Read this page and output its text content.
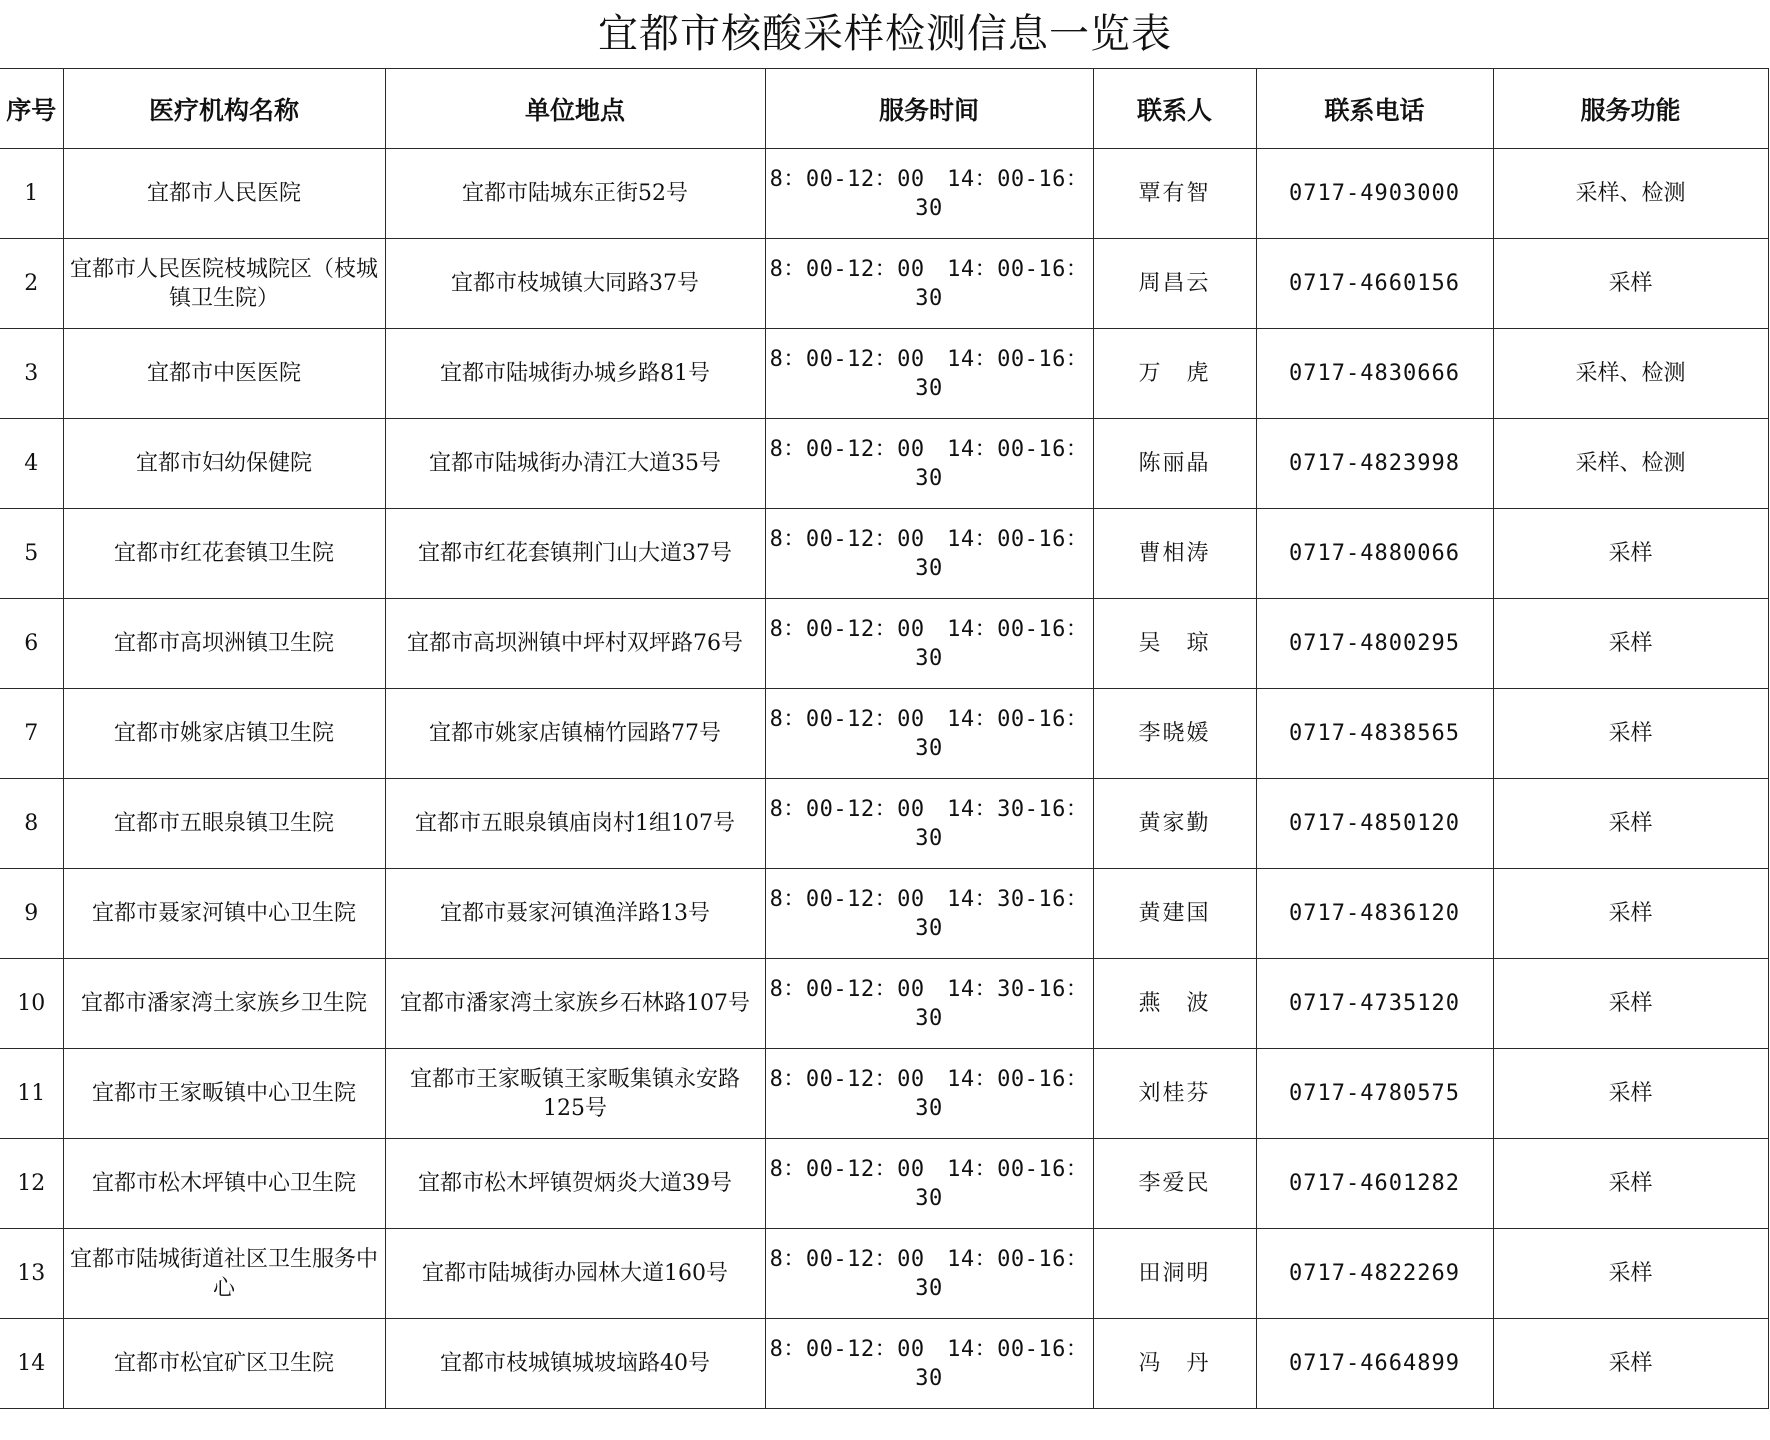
宜都市核酸采样检测信息一览表
序号	医疗机构名称	单位地点	服务时间	联系人	联系电话	服务功能
1	宜都市人民医院	宜都市陆城东正街52号	8：00-12：00　14：00-16：30	覃有智	0717-4903000	采样、检测
2	宜都市人民医院枝城院区（枝城镇卫生院）	宜都市枝城镇大同路37号	8：00-12：00　14：00-16：30	周昌云	0717-4660156	采样
3	宜都市中医医院	宜都市陆城街办城乡路81号	8：00-12：00　14：00-16：30	万　虎	0717-4830666	采样、检测
4	宜都市妇幼保健院	宜都市陆城街办清江大道35号	8：00-12：00　14：00-16：30	陈丽晶	0717-4823998	采样、检测
5	宜都市红花套镇卫生院	宜都市红花套镇荆门山大道37号	8：00-12：00　14：00-16：30	曹相涛	0717-4880066	采样
6	宜都市高坝洲镇卫生院	宜都市高坝洲镇中坪村双坪路76号	8：00-12：00　14：00-16：30	吴　琼	0717-4800295	采样
7	宜都市姚家店镇卫生院	宜都市姚家店镇楠竹园路77号	8：00-12：00　14：00-16：30	李晓媛	0717-4838565	采样
8	宜都市五眼泉镇卫生院	宜都市五眼泉镇庙岗村1组107号	8：00-12：00　14：30-16：30	黄家勤	0717-4850120	采样
9	宜都市聂家河镇中心卫生院	宜都市聂家河镇渔洋路13号	8：00-12：00　14：30-16：30	黄建国	0717-4836120	采样
10	宜都市潘家湾土家族乡卫生院	宜都市潘家湾土家族乡石林路107号	8：00-12：00　14：30-16：30	燕　波	0717-4735120	采样
11	宜都市王家畈镇中心卫生院	宜都市王家畈镇王家畈集镇永安路125号	8：00-12：00　14：00-16：30	刘桂芬	0717-4780575	采样
12	宜都市松木坪镇中心卫生院	宜都市松木坪镇贺炳炎大道39号	8：00-12：00　14：00-16：30	李爱民	0717-4601282	采样
13	宜都市陆城街道社区卫生服务中心	宜都市陆城街办园林大道160号	8：00-12：00　14：00-16：30	田洞明	0717-4822269	采样
14	宜都市松宜矿区卫生院	宜都市枝城镇城坡垴路40号	8：00-12：00　14：00-16：30	冯　丹	0717-4664899	采样
